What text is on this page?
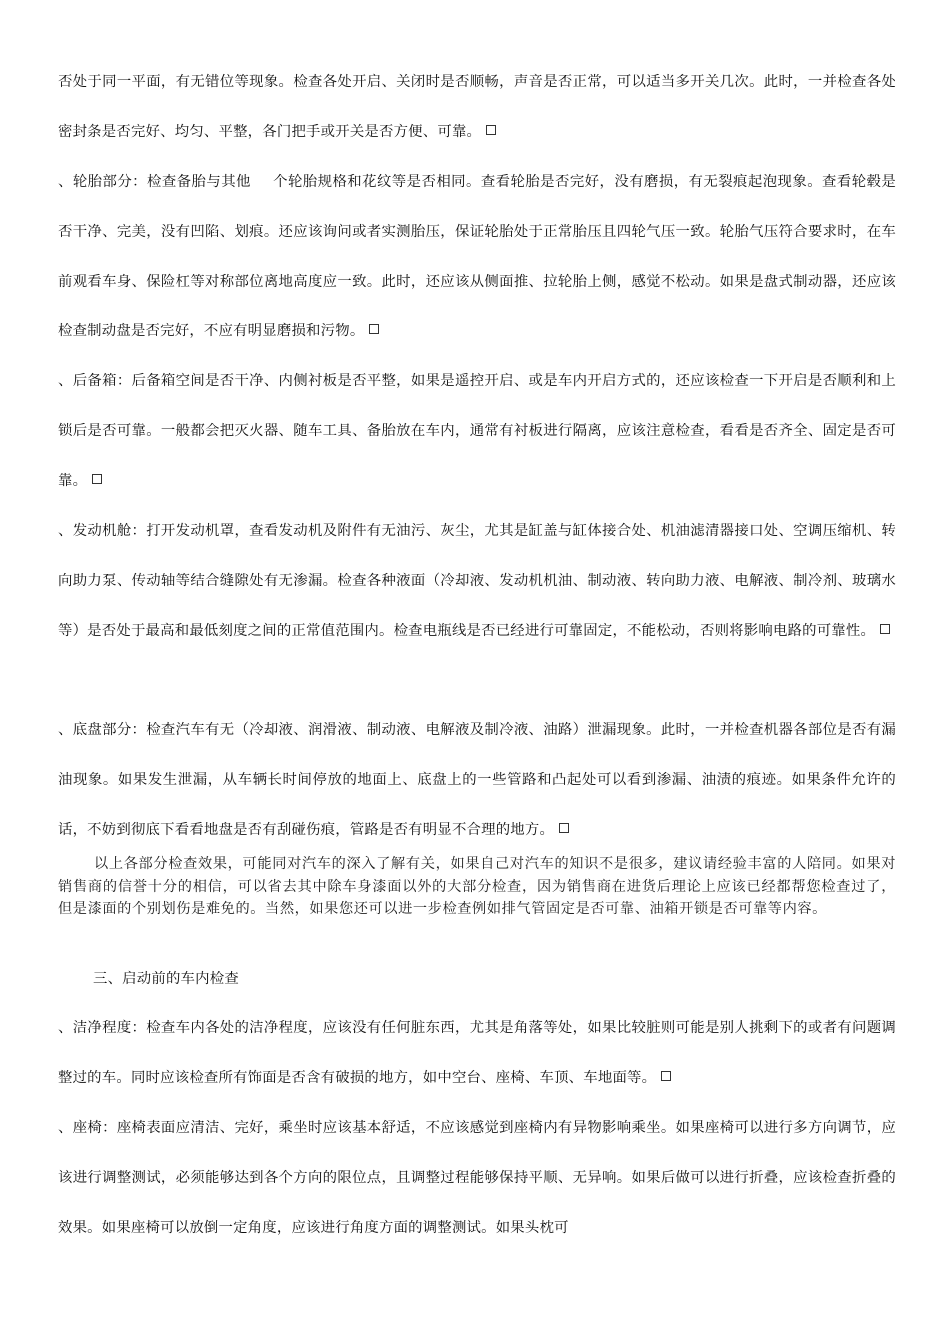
否处于同一平面，有无错位等现象。检查各处开启、关闭时是否顺畅，声音是否正常，可以适当多开关几次。此时，一并检查各处密封条是否完好、均匀、平整，各门把手或开关是否方便、可靠。

、轮胎部分：检查备胎与其他 个轮胎规格和花纹等是否相同。查看轮胎是否完好，没有磨损，有无裂痕起泡现象。查看轮毂是否干净、完美，没有凹陷、划痕。还应该询问或者实测胎压，保证轮胎处于正常胎压且四轮气压一致。轮胎气压符合要求时，在车前观看车身、保险杠等对称部位离地高度应一致。此时，还应该从侧面推、拉轮胎上侧，感觉不松动。如果是盘式制动器，还应该检查制动盘是否完好，不应有明显磨损和污物。

、后备箱：后备箱空间是否干净、内侧衬板是否平整，如果是遥控开启、或是车内开启方式的，还应该检查一下开启是否顺利和上锁后是否可靠。一般都会把灭火器、随车工具、备胎放在车内，通常有衬板进行隔离，应该注意检查，看看是否齐全、固定是否可靠。

、发动机舱：打开发动机罩，查看发动机及附件有无油污、灰尘，尤其是缸盖与缸体接合处、机油滤清器接口处、空调压缩机、转向助力泵、传动轴等结合缝隙处有无渗漏。检查各种液面（冷却液、发动机机油、制动液、转向助力液、电解液、制冷剂、玻璃水等）是否处于最高和最低刻度之间的正常值范围内。检查电瓶线是否已经进行可靠固定，不能松动，否则将影响电路的可靠性。

、底盘部分：检查汽车有无（冷却液、润滑液、制动液、电解液及制冷液、油路）泄漏现象。此时，一并检查机器各部位是否有漏油现象。如果发生泄漏，从车辆长时间停放的地面上、底盘上的一些管路和凸起处可以看到渗漏、油渍的痕迹。如果条件允许的话，不妨到彻底下看看地盘是否有刮碰伤痕，管路是否有明显不合理的地方。

以上各部分检查效果，可能同对汽车的深入了解有关，如果自己对汽车的知识不是很多，建议请经验丰富的人陪同。如果对销售商的信誉十分的相信，可以省去其中除车身漆面以外的大部分检查，因为销售商在进货后理论上应该已经都帮您检查过了，但是漆面的个别划伤是难免的。当然，如果您还可以进一步检查例如排气管固定是否可靠、油箱开锁是否可靠等内容。

三、启动前的车内检查

、洁净程度：检查车内各处的洁净程度，应该没有任何脏东西，尤其是角落等处，如果比较脏则可能是别人挑剩下的或者有问题调整过的车。同时应该检查所有饰面是否含有破损的地方，如中空台、座椅、车顶、车地面等。

、座椅：座椅表面应清洁、完好，乘坐时应该基本舒适，不应该感觉到座椅内有异物影响乘坐。如果座椅可以进行多方向调节，应该进行调整测试，必须能够达到各个方向的限位点，且调整过程能够保持平顺、无异响。如果后做可以进行折叠，应该检查折叠的效果。如果座椅可以放倒一定角度，应该进行角度方面的调整测试。如果头枕可
